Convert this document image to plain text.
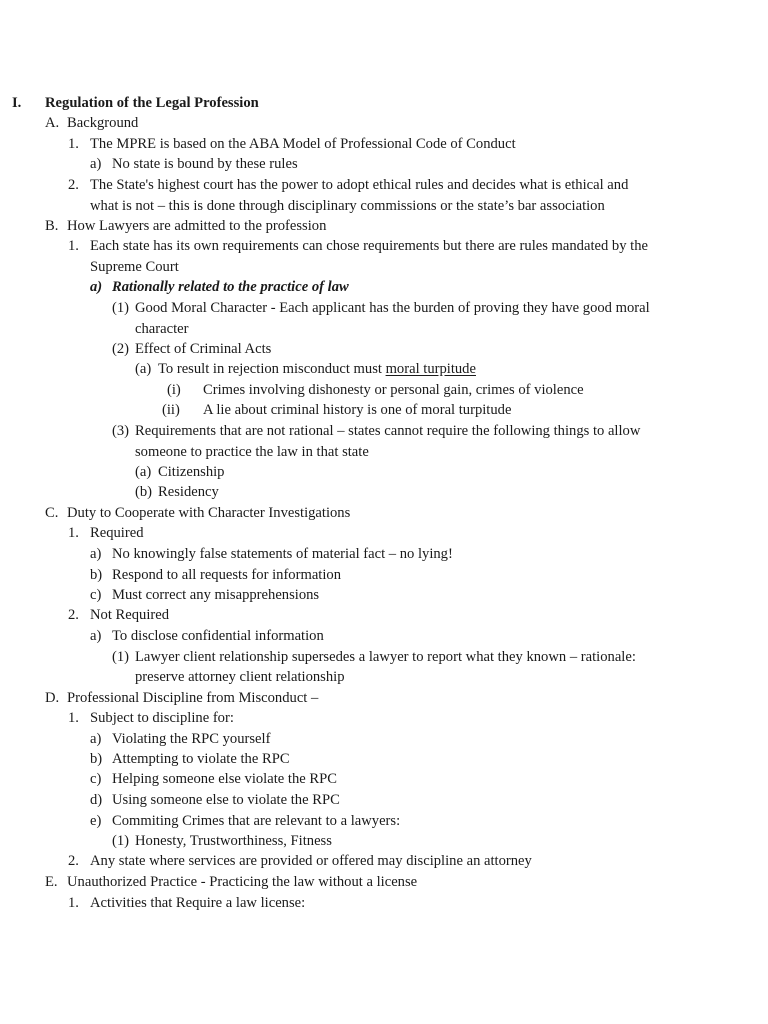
I. Regulation of the Legal Profession
A. Background
1. The MPRE is based on the ABA Model of Professional Code of Conduct
a) No state is bound by these rules
2. The State's highest court has the power to adopt ethical rules and decides what is ethical and
what is not – this is done through disciplinary commissions or the state’s bar association
B. How Lawyers are admitted to the profession
1. Each state has its own requirements can chose requirements but there are rules mandated by the
Supreme Court
a) Rationally related to the practice of law
(1) Good Moral Character - Each applicant has the burden of proving they have good moral
character
(2) Effect of Criminal Acts
(a) To result in rejection misconduct must moral turpitude
(i) Crimes involving dishonesty or personal gain, crimes of violence
(ii) A lie about criminal history is one of moral turpitude
(3) Requirements that are not rational – states cannot require the following things to allow
someone to practice the law in that state
(a) Citizenship
(b) Residency
C. Duty to Cooperate with Character Investigations
1. Required
a) No knowingly false statements of material fact – no lying!
b) Respond to all requests for information
c) Must correct any misapprehensions
2. Not Required
a) To disclose confidential information
(1) Lawyer client relationship supersedes a lawyer to report what they known – rationale:
preserve attorney client relationship
D. Professional Discipline from Misconduct –
1. Subject to discipline for:
a) Violating the RPC yourself
b) Attempting to violate the RPC
c) Helping someone else violate the RPC
d) Using someone else to violate the RPC
e) Commiting Crimes that are relevant to a lawyers:
(1) Honesty, Trustworthiness, Fitness
2. Any state where services are provided or offered may discipline an attorney
E. Unauthorized Practice - Practicing the law without a license
1. Activities that Require a law license:
